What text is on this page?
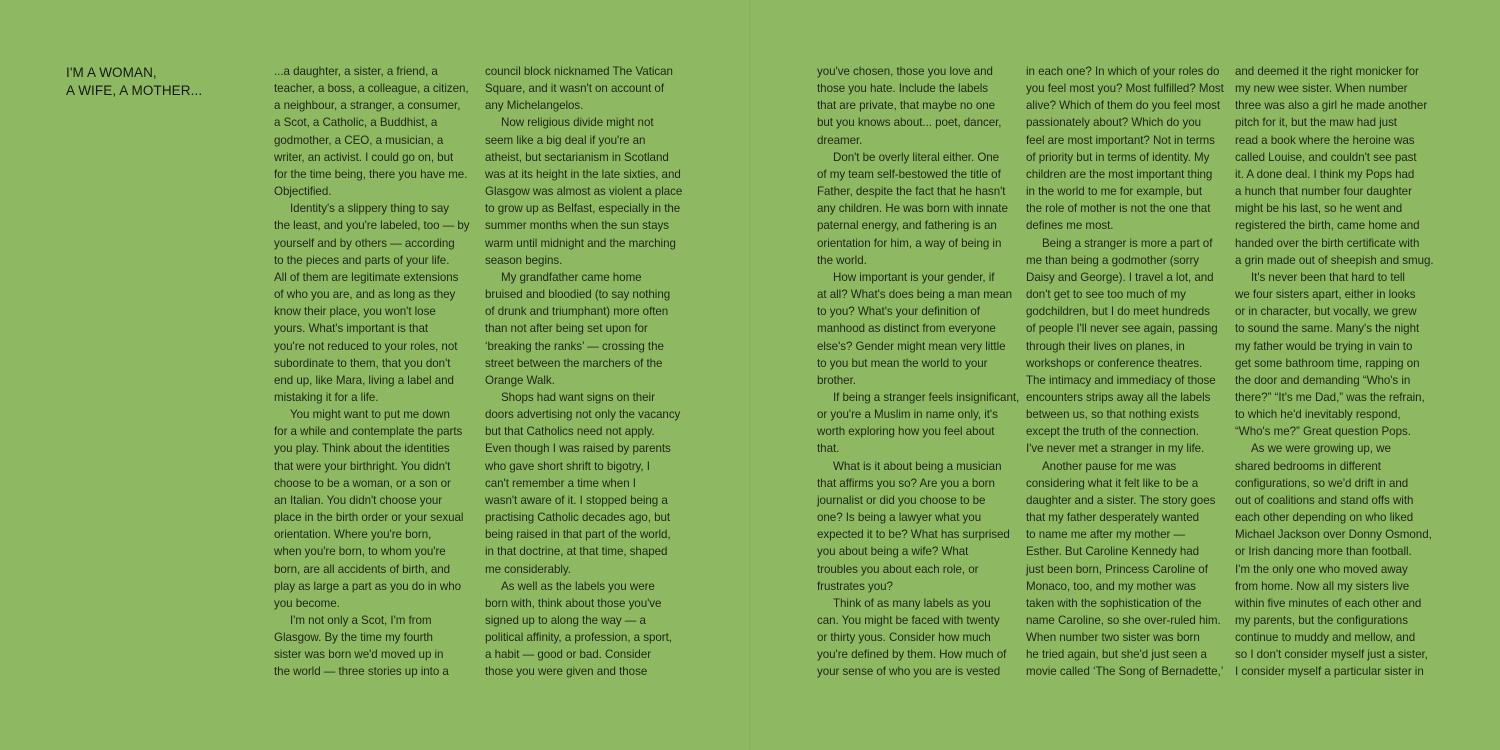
I'M A WOMAN,
A WIFE, A MOTHER...
...a daughter, a sister, a friend, a
teacher, a boss, a colleague, a citizen,
a neighbour, a stranger, a consumer,
a Scot, a Catholic, a Buddhist, a
godmother, a CEO, a musician, a
writer, an activist. I could go on, but
for the time being, there you have me.
Objectified.
Identity's a slippery thing to say
the least, and you're labeled, too — by
yourself and by others — according
to the pieces and parts of your life.
All of them are legitimate extensions
of who you are, and as long as they
know their place, you won't lose
yours. What's important is that
you're not reduced to your roles, not
subordinate to them, that you don't
end up, like Mara, living a label and
mistaking it for a life.
You might want to put me down
for a while and contemplate the parts
you play. Think about the identities
that were your birthright. You didn't
choose to be a woman, or a son or
an Italian. You didn't choose your
place in the birth order or your sexual
orientation. Where you're born,
when you're born, to whom you're
born, are all accidents of birth, and
play as large a part as you do in who
you become.
I'm not only a Scot, I'm from
Glasgow. By the time my fourth
sister was born we'd moved up in
the world — three stories up into a
council block nicknamed The Vatican
Square, and it wasn't on account of
any Michelangelos.
Now religious divide might not
seem like a big deal if you're an
atheist, but sectarianism in Scotland
was at its height in the late sixties, and
Glasgow was almost as violent a place
to grow up as Belfast, especially in the
summer months when the sun stays
warm until midnight and the marching
season begins.
My grandfather came home
bruised and bloodied (to say nothing
of drunk and triumphant) more often
than not after being set upon for
‘breaking the ranks’ — crossing the
street between the marchers of the
Orange Walk.
Shops had want signs on their
doors advertising not only the vacancy
but that Catholics need not apply.
Even though I was raised by parents
who gave short shrift to bigotry, I
can't remember a time when I
wasn't aware of it. I stopped being a
practising Catholic decades ago, but
being raised in that part of the world,
in that doctrine, at that time, shaped
me considerably.
As well as the labels you were
born with, think about those you've
signed up to along the way — a
political affinity, a profession, a sport,
a habit — good or bad. Consider
those you were given and those
you've chosen, those you love and
those you hate. Include the labels
that are private, that maybe no one
but you knows about... poet, dancer,
dreamer.
Don't be overly literal either. One
of my team self-bestowed the title of
Father, despite the fact that he hasn't
any children. He was born with innate
paternal energy, and fathering is an
orientation for him, a way of being in
the world.
How important is your gender, if
at all? What's does being a man mean
to you? What's your definition of
manhood as distinct from everyone
else's? Gender might mean very little
to you but mean the world to your
brother.
If being a stranger feels insignificant,
or you're a Muslim in name only, it's
worth exploring how you feel about
that.
What is it about being a musician
that affirms you so? Are you a born
journalist or did you choose to be
one? Is being a lawyer what you
expected it to be? What has surprised
you about being a wife? What
troubles you about each role, or
frustrates you?
Think of as many labels as you
can. You might be faced with twenty
or thirty yous. Consider how much
you're defined by them. How much of
your sense of who you are is vested
in each one? In which of your roles do
you feel most you? Most fulfilled? Most
alive? Which of them do you feel most
passionately about? Which do you
feel are most important? Not in terms
of priority but in terms of identity. My
children are the most important thing
in the world to me for example, but
the role of mother is not the one that
defines me most.
Being a stranger is more a part of
me than being a godmother (sorry
Daisy and George). I travel a lot, and
don't get to see too much of my
godchildren, but I do meet hundreds
of people I'll never see again, passing
through their lives on planes, in
workshops or conference theatres.
The intimacy and immediacy of those
encounters strips away all the labels
between us, so that nothing exists
except the truth of the connection.
I've never met a stranger in my life.
Another pause for me was
considering what it felt like to be a
daughter and a sister. The story goes
that my father desperately wanted
to name me after my mother —
Esther. But Caroline Kennedy had
just been born, Princess Caroline of
Monaco, too, and my mother was
taken with the sophistication of the
name Caroline, so she over-ruled him.
When number two sister was born
he tried again, but she'd just seen a
movie called ‘The Song of Bernadette,’
and deemed it the right monicker for
my new wee sister. When number
three was also a girl he made another
pitch for it, but the maw had just
read a book where the heroine was
called Louise, and couldn't see past
it. A done deal. I think my Pops had
a hunch that number four daughter
might be his last, so he went and
registered the birth, came home and
handed over the birth certificate with
a grin made out of sheepish and smug.
It's never been that hard to tell
we four sisters apart, either in looks
or in character, but vocally, we grew
to sound the same. Many's the night
my father would be trying in vain to
get some bathroom time, rapping on
the door and demanding “Who's in
there?” “It's me Dad,” was the refrain,
to which he'd inevitably respond,
“Who's me?” Great question Pops.
As we were growing up, we
shared bedrooms in different
configurations, so we'd drift in and
out of coalitions and stand offs with
each other depending on who liked
Michael Jackson over Donny Osmond,
or Irish dancing more than football.
I'm the only one who moved away
from home. Now all my sisters live
within five minutes of each other and
my parents, but the configurations
continue to muddy and mellow, and
so I don't consider myself just a sister,
I consider myself a particular sister in
